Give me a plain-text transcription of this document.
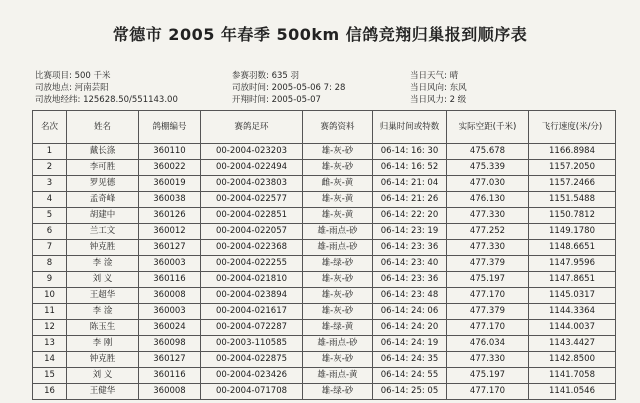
常德市 2005 年春季 500km 信鸽竞翔归巢报到顺序表
比赛项目: 500 千米
司放地点: 河南芸阳
司放地经纬: 125628.50/551143.00
参赛羽数: 635 羽
司放时间: 2005-05-06 7: 28
开翔时间: 2005-05-07
当日天气: 晴
当日风向: 东风
当日风力: 2 级
名次	姓名	鸽棚编号	赛鸽足环	赛鸽资料	归巢时间或特数	实际空距(千米)	飞行速度(米/分)
1	戴长涤	360110	00-2004-023203	雄-灰-砂	06-14: 16: 30	475.678	1166.8984
2	李可胜	360022	00-2004-022494	雄-灰-砂	06-14: 16: 52	475.339	1157.2050
3	罗见德	360019	00-2004-023803	雌-灰-黄	06-14: 21: 04	477.030	1157.2466
4	孟奇峰	360038	00-2004-022577	雄-灰-黄	06-14: 21: 26	476.130	1151.5488
5	胡建中	360126	00-2004-022851	雄-灰-黄	06-14: 22: 20	477.330	1150.7812
6	兰工文	360012	00-2004-022057	雄-雨点-砂	06-14: 23: 19	477.252	1149.1780
7	钟克胜	360127	00-2004-022368	雄-雨点-砂	06-14: 23: 36	477.330	1148.6651
8	李 淦	360003	00-2004-022255	雄-绿-砂	06-14: 23: 40	477.379	1147.9596
9	刘 义	360116	00-2004-021810	雄-灰-砂	06-14: 23: 36	475.197	1147.8651
10	王超华	360008	00-2004-023894	雄-灰-砂	06-14: 23: 48	477.170	1145.0317
11	李 淦	360003	00-2004-021617	雄-灰-砂	06-14: 24: 06	477.379	1144.3364
12	陈玉生	360024	00-2004-072287	雄-绿-黄	06-14: 24: 20	477.170	1144.0037
13	李 刚	360098	00-2003-110585	雄-雨点-砂	06-14: 24: 19	476.034	1143.4427
14	钟克胜	360127	00-2004-022875	雄-灰-砂	06-14: 24: 35	477.330	1142.8500
15	刘 义	360116	00-2004-023426	雄-雨点-黄	06-14: 24: 55	475.197	1141.7058
16	王健华	360008	00-2004-071708	雄-绿-砂	06-14: 25: 05	477.170	1141.0546
